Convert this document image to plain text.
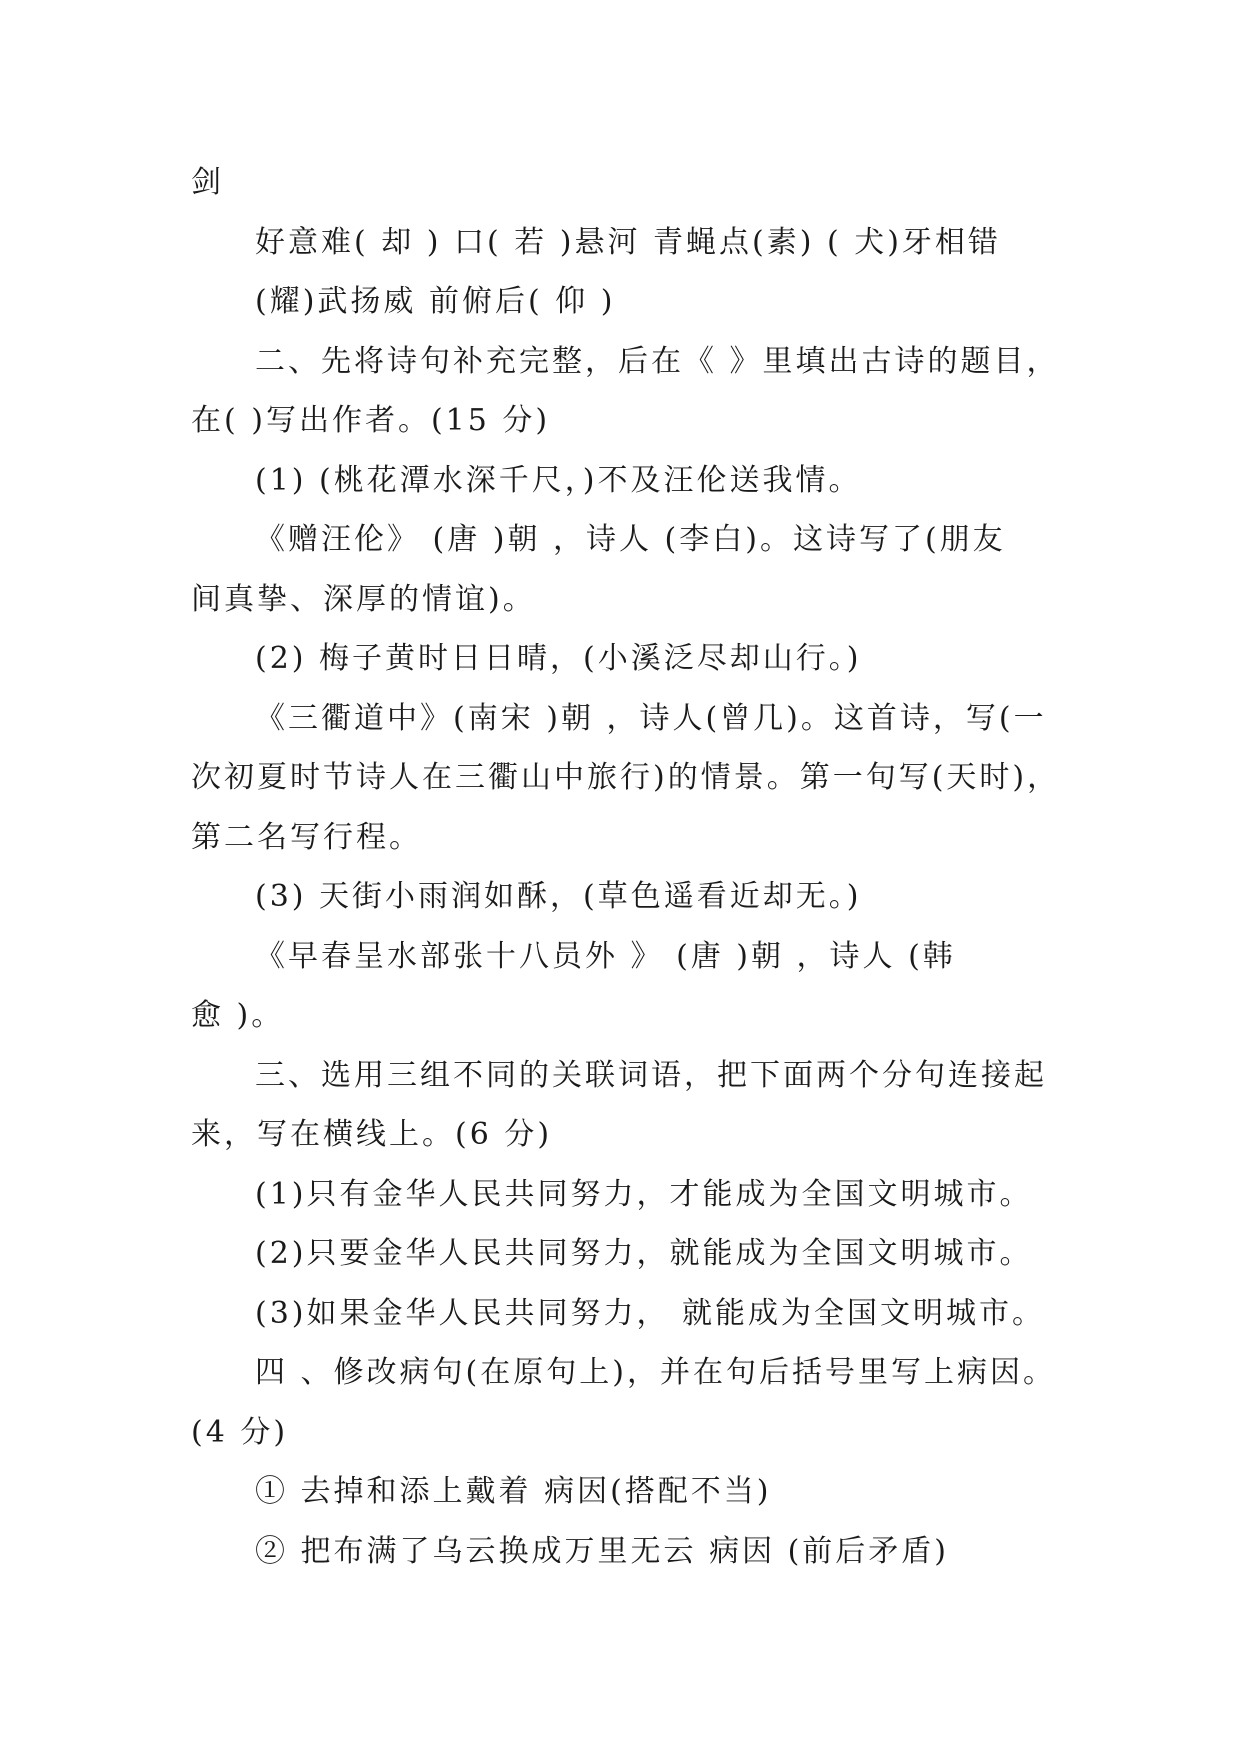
剑
好意难( 却 ) 口( 若 )悬河 青蝇点(素) ( 犬)牙相错
(耀)武扬威 前俯后( 仰 )
二、先将诗句补充完整，后在《 》里填出古诗的题目，
在( )写出作者。(15 分)
(1) (桃花潭水深千尺，)不及汪伦送我情。
《赠汪伦》 (唐 )朝 ，诗人 (李白)。这诗写了(朋友
间真挚、深厚的情谊)。
(2) 梅子黄时日日晴，(小溪泛尽却山行。)
《三衢道中》(南宋 )朝 ，诗人(曾几)。这首诗，写(一
次初夏时节诗人在三衢山中旅行)的情景。第一句写(天时)，
第二名写行程。
(3) 天街小雨润如酥，(草色遥看近却无。)
《早春呈水部张十八员外 》 (唐 )朝 ，诗人 (韩
愈 )。
三、选用三组不同的关联词语，把下面两个分句连接起
来，写在横线上。(6 分)
(1)只有金华人民共同努力，才能成为全国文明城市。
(2)只要金华人民共同努力，就能成为全国文明城市。
(3)如果金华人民共同努力， 就能成为全国文明城市。
四 、修改病句(在原句上)，并在句后括号里写上病因。
(4 分)
① 去掉和添上戴着 病因(搭配不当)
② 把布满了乌云换成万里无云 病因 (前后矛盾)
